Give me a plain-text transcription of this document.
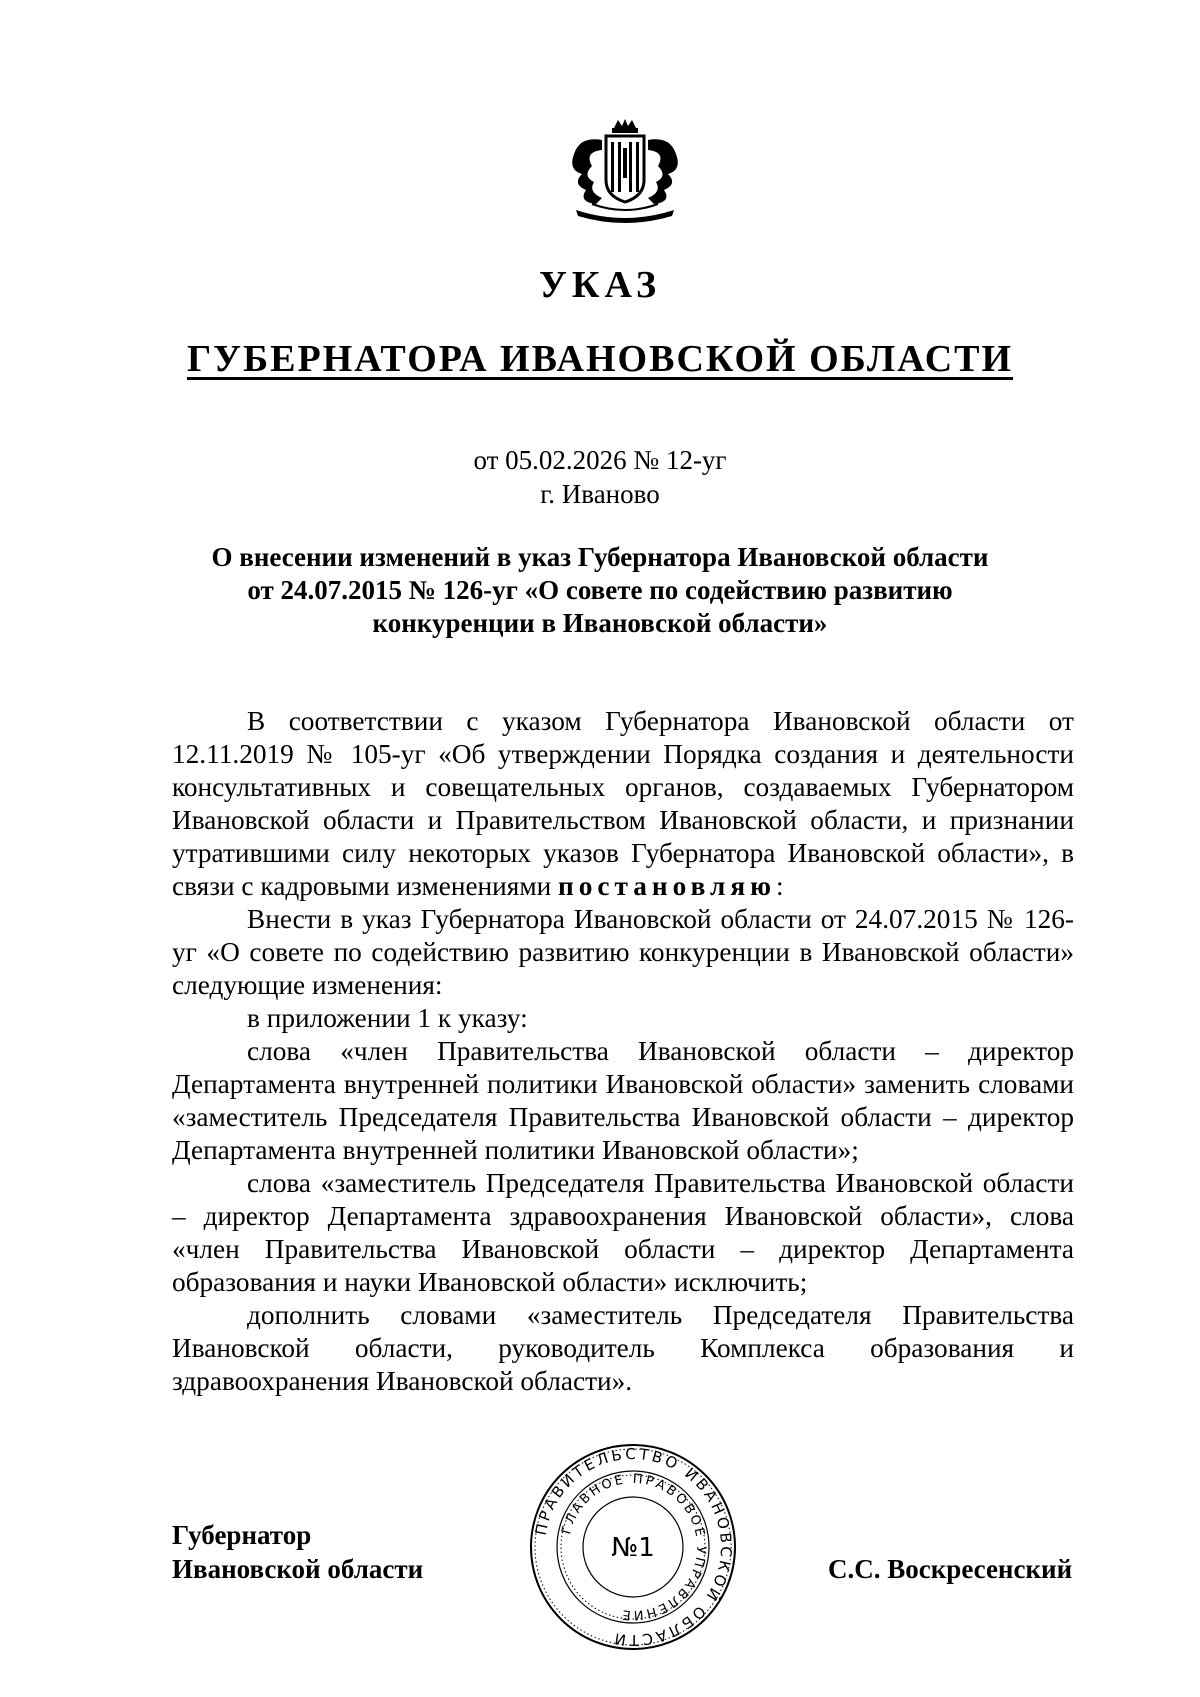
УКАЗ
ГУБЕРНАТОРА ИВАНОВСКОЙ ОБЛАСТИ
от 05.02.2026 № 12-уг
г. Иваново
О внесении изменений в указ Губернатора Ивановской области
от 24.07.2015 № 126-уг «О совете по содействию развитию
конкуренции в Ивановской области»

В соответствии с указом Губернатора Ивановской области от 12.11.2019 № 105-уг «Об утверждении Порядка создания и деятельности консультативных и совещательных органов, создаваемых Губернатором Ивановской области и Правительством Ивановской области, и признании утратившими силу некоторых указов Губернатора Ивановской области», в связи с кадровыми изменениями постановляю:

Внести в указ Губернатора Ивановской области от 24.07.2015 № 126-уг «О совете по содействию развитию конкуренции в Ивановской области» следующие изменения:

в приложении 1 к указу:

слова «член Правительства Ивановской области – директор Департамента внутренней политики Ивановской области» заменить словами «заместитель Председателя Правительства Ивановской области – директор Департамента внутренней политики Ивановской области»;

слова «заместитель Председателя Правительства Ивановской области – директор Департамента здравоохранения Ивановской области», слова «член Правительства Ивановской области – директор Департамента образования и науки Ивановской области» исключить;

дополнить словами «заместитель Председателя Правительства Ивановской области, руководитель Комплекса образования и здравоохранения Ивановской области».

Губернатор
Ивановской области
ПРАВИТЕЛЬСТВО ИВАНОВСКОЙ ОБЛАСТИ
ГЛАВНОЕ ПРАВОВОЕ УПРАВЛЕНИЕ
№1
С.С. Воскресенский
